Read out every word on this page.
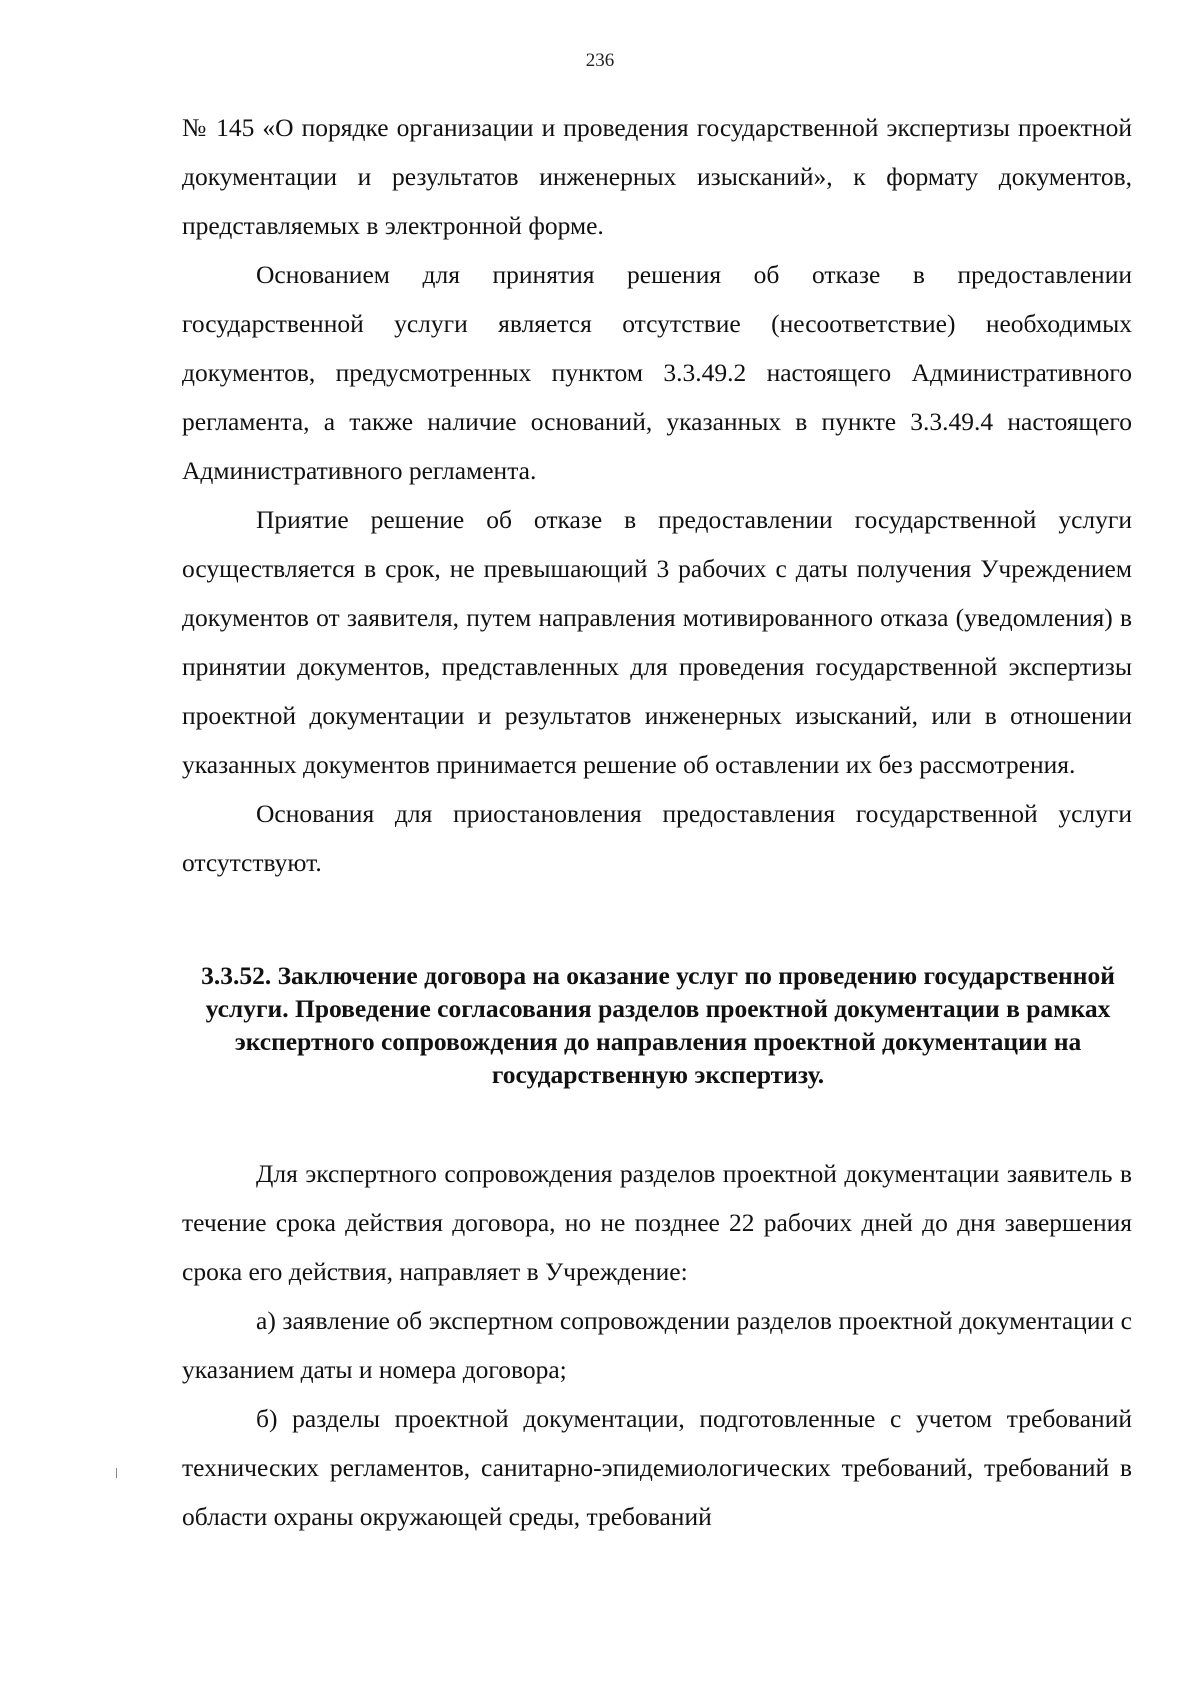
236

№ 145 «О порядке организации и проведения государственной экспертизы проектной документации и результатов инженерных изысканий», к формату документов, представляемых в электронной форме.

Основанием для принятия решения об отказе в предоставлении государственной услуги является отсутствие (несоответствие) необходимых документов, предусмотренных пунктом 3.3.49.2 настоящего Административного регламента, а также наличие оснований, указанных в пункте 3.3.49.4 настоящего Административного регламента.

Приятие решение об отказе в предоставлении государственной услуги осуществляется в срок, не превышающий 3 рабочих с даты получения Учреждением документов от заявителя, путем направления мотивированного отказа (уведомления) в принятии документов, представленных для проведения государственной экспертизы проектной документации и результатов инженерных изысканий, или в отношении указанных документов принимается решение об оставлении их без рассмотрения.

Основания для приостановления предоставления государственной услуги отсутствуют.

3.3.52. Заключение договора на оказание услуг по проведению государственной услуги. Проведение согласования разделов проектной документации в рамках экспертного сопровождения до направления проектной документации на государственную экспертизу.

Для экспертного сопровождения разделов проектной документации заявитель в течение срока действия договора, но не позднее 22 рабочих дней до дня завершения срока его действия, направляет в Учреждение:

а) заявление об экспертном сопровождении разделов проектной документации с указанием даты и номера договора;

б) разделы проектной документации, подготовленные с учетом требований технических регламентов, санитарно-эпидемиологических требований, требований в области охраны окружающей среды, требований
